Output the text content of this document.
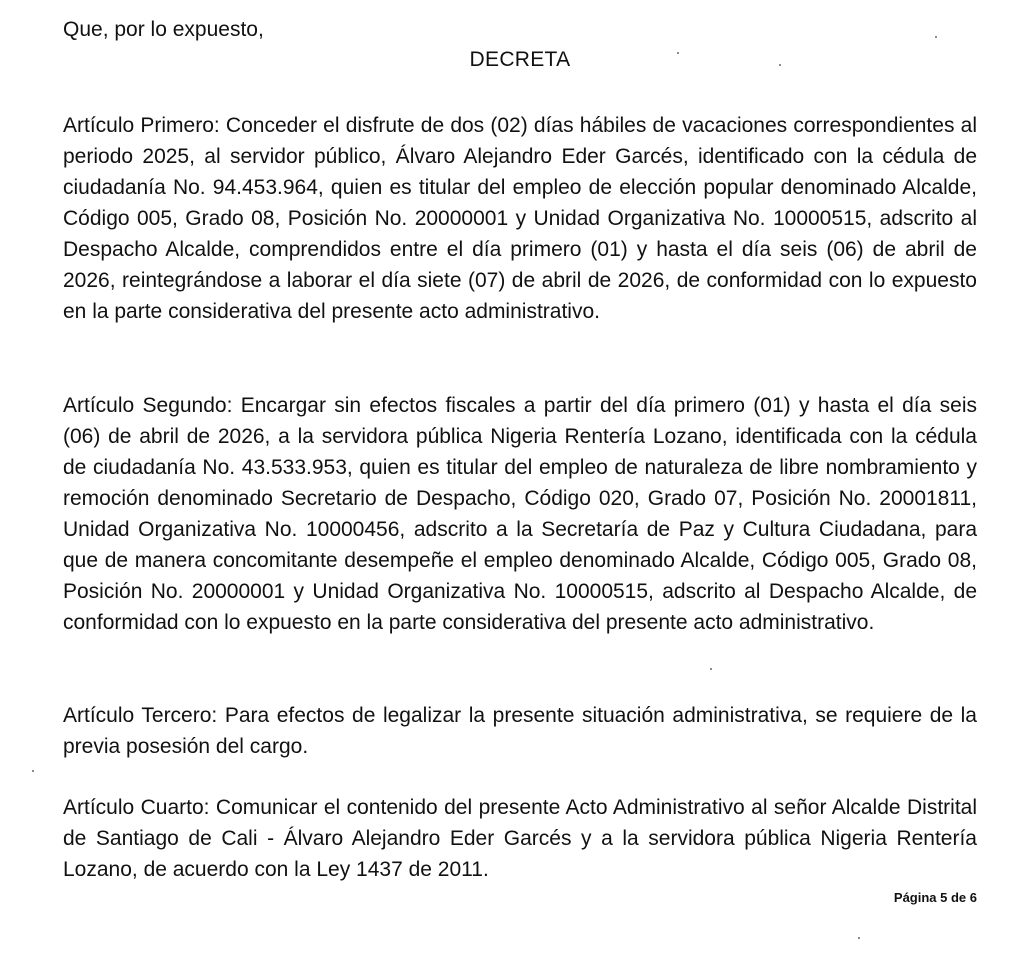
Que, por lo expuesto,

DECRETA

Artículo Primero: Conceder el disfrute de dos (02) días hábiles de vacaciones correspondientes al periodo 2025, al servidor público, Álvaro Alejandro Eder Garcés, identificado con la cédula de ciudadanía No. 94.453.964, quien es titular del empleo de elección popular denominado Alcalde, Código 005, Grado 08, Posición No. 20000001 y Unidad Organizativa No. 10000515, adscrito al Despacho Alcalde, comprendidos entre el día primero (01) y hasta el día seis (06) de abril de 2026, reintegrándose a laborar el día siete (07) de abril de 2026, de conformidad con lo expuesto en la parte considerativa del presente acto administrativo.

Artículo Segundo: Encargar sin efectos fiscales a partir del día primero (01) y hasta el día seis (06) de abril de 2026, a la servidora pública Nigeria Rentería Lozano, identificada con la cédula de ciudadanía No. 43.533.953, quien es titular del empleo de naturaleza de libre nombramiento y remoción denominado Secretario de Despacho, Código 020, Grado 07, Posición No. 20001811, Unidad Organizativa No. 10000456, adscrito a la Secretaría de Paz y Cultura Ciudadana, para que de manera concomitante desempeñe el empleo denominado Alcalde, Código 005, Grado 08, Posición No. 20000001 y Unidad Organizativa No. 10000515, adscrito al Despacho Alcalde, de conformidad con lo expuesto en la parte considerativa del presente acto administrativo.

Artículo Tercero: Para efectos de legalizar la presente situación administrativa, se requiere de la previa posesión del cargo.

Artículo Cuarto: Comunicar el contenido del presente Acto Administrativo al señor Alcalde Distrital de Santiago de Cali - Álvaro Alejandro Eder Garcés y a la servidora pública Nigeria Rentería Lozano, de acuerdo con la Ley 1437 de 2011.

Página 5 de 6
